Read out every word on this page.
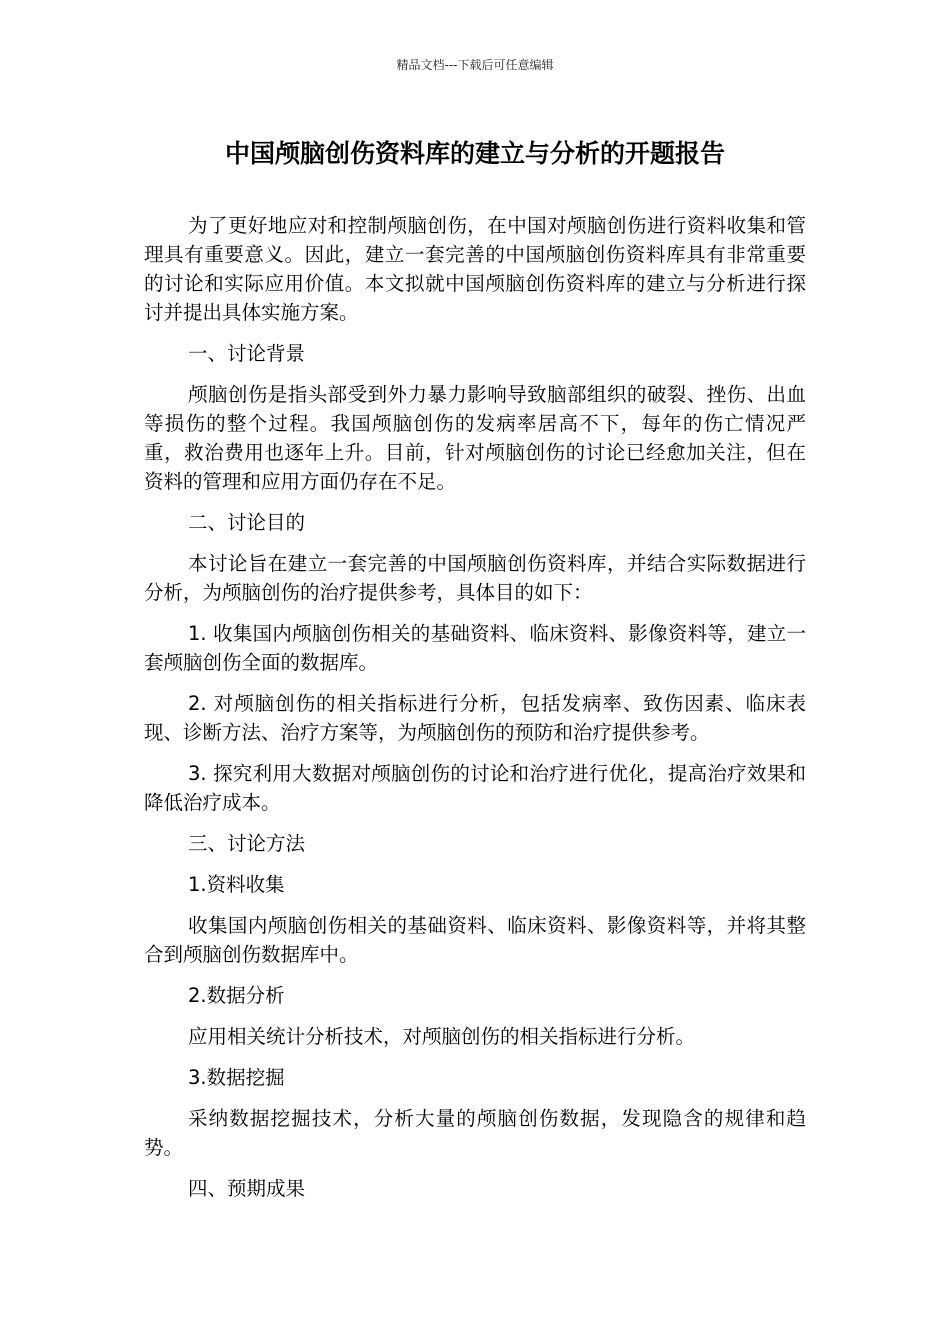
精品文档---下载后可任意编辑
中国颅脑创伤资料库的建立与分析的开题报告

为了更好地应对和控制颅脑创伤，在中国对颅脑创伤进行资料收集和管理具有重要意义。因此，建立一套完善的中国颅脑创伤资料库具有非常重要的讨论和实际应用价值。本文拟就中国颅脑创伤资料库的建立与分析进行探讨并提出具体实施方案。

一、讨论背景

颅脑创伤是指头部受到外力暴力影响导致脑部组织的破裂、挫伤、出血等损伤的整个过程。我国颅脑创伤的发病率居高不下，每年的伤亡情况严重，救治费用也逐年上升。目前，针对颅脑创伤的讨论已经愈加关注，但在资料的管理和应用方面仍存在不足。

二、讨论目的

本讨论旨在建立一套完善的中国颅脑创伤资料库，并结合实际数据进行分析，为颅脑创伤的治疗提供参考，具体目的如下：

1. 收集国内颅脑创伤相关的基础资料、临床资料、影像资料等，建立一套颅脑创伤全面的数据库。

2. 对颅脑创伤的相关指标进行分析，包括发病率、致伤因素、临床表现、诊断方法、治疗方案等，为颅脑创伤的预防和治疗提供参考。

3. 探究利用大数据对颅脑创伤的讨论和治疗进行优化，提高治疗效果和降低治疗成本。

三、讨论方法

1.资料收集

收集国内颅脑创伤相关的基础资料、临床资料、影像资料等，并将其整合到颅脑创伤数据库中。

2.数据分析

应用相关统计分析技术，对颅脑创伤的相关指标进行分析。

3.数据挖掘

采纳数据挖掘技术，分析大量的颅脑创伤数据，发现隐含的规律和趋势。

四、预期成果
